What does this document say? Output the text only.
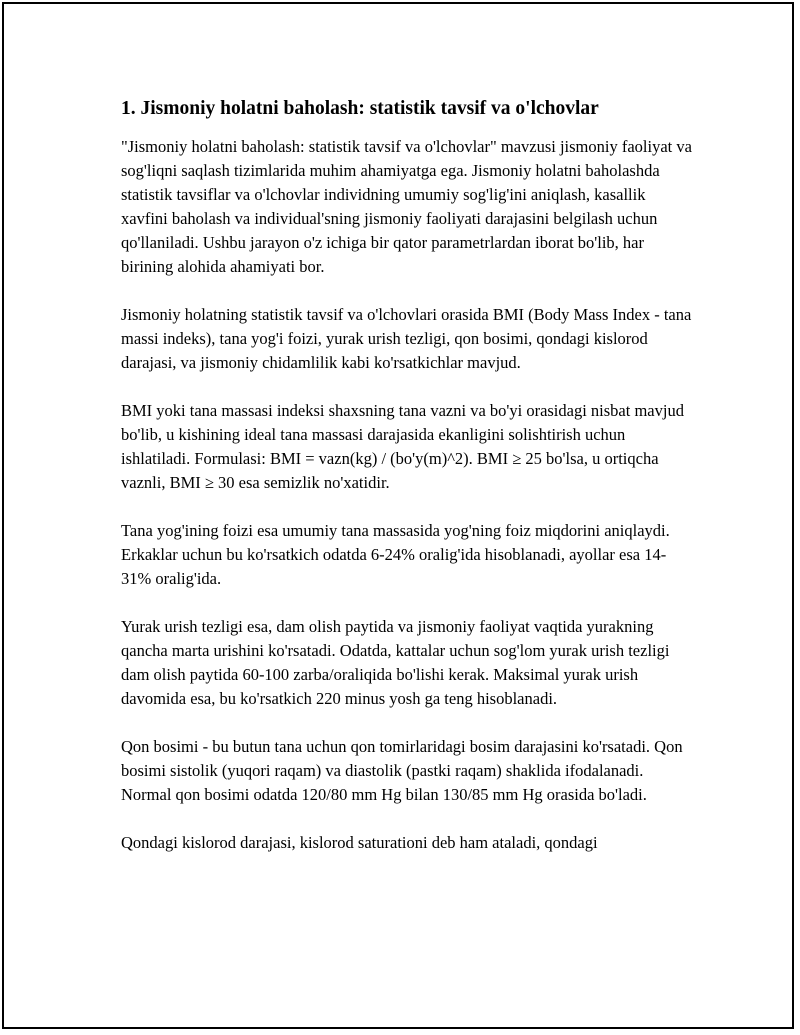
1. Jismoniy holatni baholash: statistik tavsif va o'lchovlar

"Jismoniy holatni baholash: statistik tavsif va o'lchovlar" mavzusi jismoniy faoliyat va sog'liqni saqlash tizimlarida muhim ahamiyatga ega. Jismoniy holatni baholashda statistik tavsiflar va o'lchovlar individning umumiy sog'lig'ini aniqlash, kasallik xavfini baholash va individual'sning jismoniy faoliyati darajasini belgilash uchun qo'llaniladi. Ushbu jarayon o'z ichiga bir qator parametrlardan iborat bo'lib, har birining alohida ahamiyati bor.

Jismoniy holatning statistik tavsif va o'lchovlari orasida BMI (Body Mass Index - tana massi indeks), tana yog'i foizi, yurak urish tezligi, qon bosimi, qondagi kislorod darajasi, va jismoniy chidamlilik kabi ko'rsatkichlar mavjud.

BMI yoki tana massasi indeksi shaxsning tana vazni va bo'yi orasidagi nisbat mavjud bo'lib, u kishining ideal tana massasi darajasida ekanligini solishtirish uchun ishlatiladi. Formulasi: BMI = vazn(kg) / (bo'y(m)^2). BMI ≥ 25 bo'lsa, u ortiqcha vaznli, BMI ≥ 30 esa semizlik no'xatidir.

Tana yog'ining foizi esa umumiy tana massasida yog'ning foiz miqdorini aniqlaydi. Erkaklar uchun bu ko'rsatkich odatda 6-24% oralig'ida hisoblanadi, ayollar esa 14-31% oralig'ida.

Yurak urish tezligi esa, dam olish paytida va jismoniy faoliyat vaqtida yurakning qancha marta urishini ko'rsatadi. Odatda, kattalar uchun sog'lom yurak urish tezligi dam olish paytida 60-100 zarba/oraliqida bo'lishi kerak. Maksimal yurak urish davomida esa, bu ko'rsatkich 220 minus yosh ga teng hisoblanadi.

Qon bosimi - bu butun tana uchun qon tomirlaridagi bosim darajasini ko'rsatadi. Qon bosimi sistolik (yuqori raqam) va diastolik (pastki raqam) shaklida ifodalanadi. Normal qon bosimi odatda 120/80 mm Hg bilan 130/85 mm Hg orasida bo'ladi.

Qondagi kislorod darajasi, kislorod saturationi deb ham ataladi, qondagi
